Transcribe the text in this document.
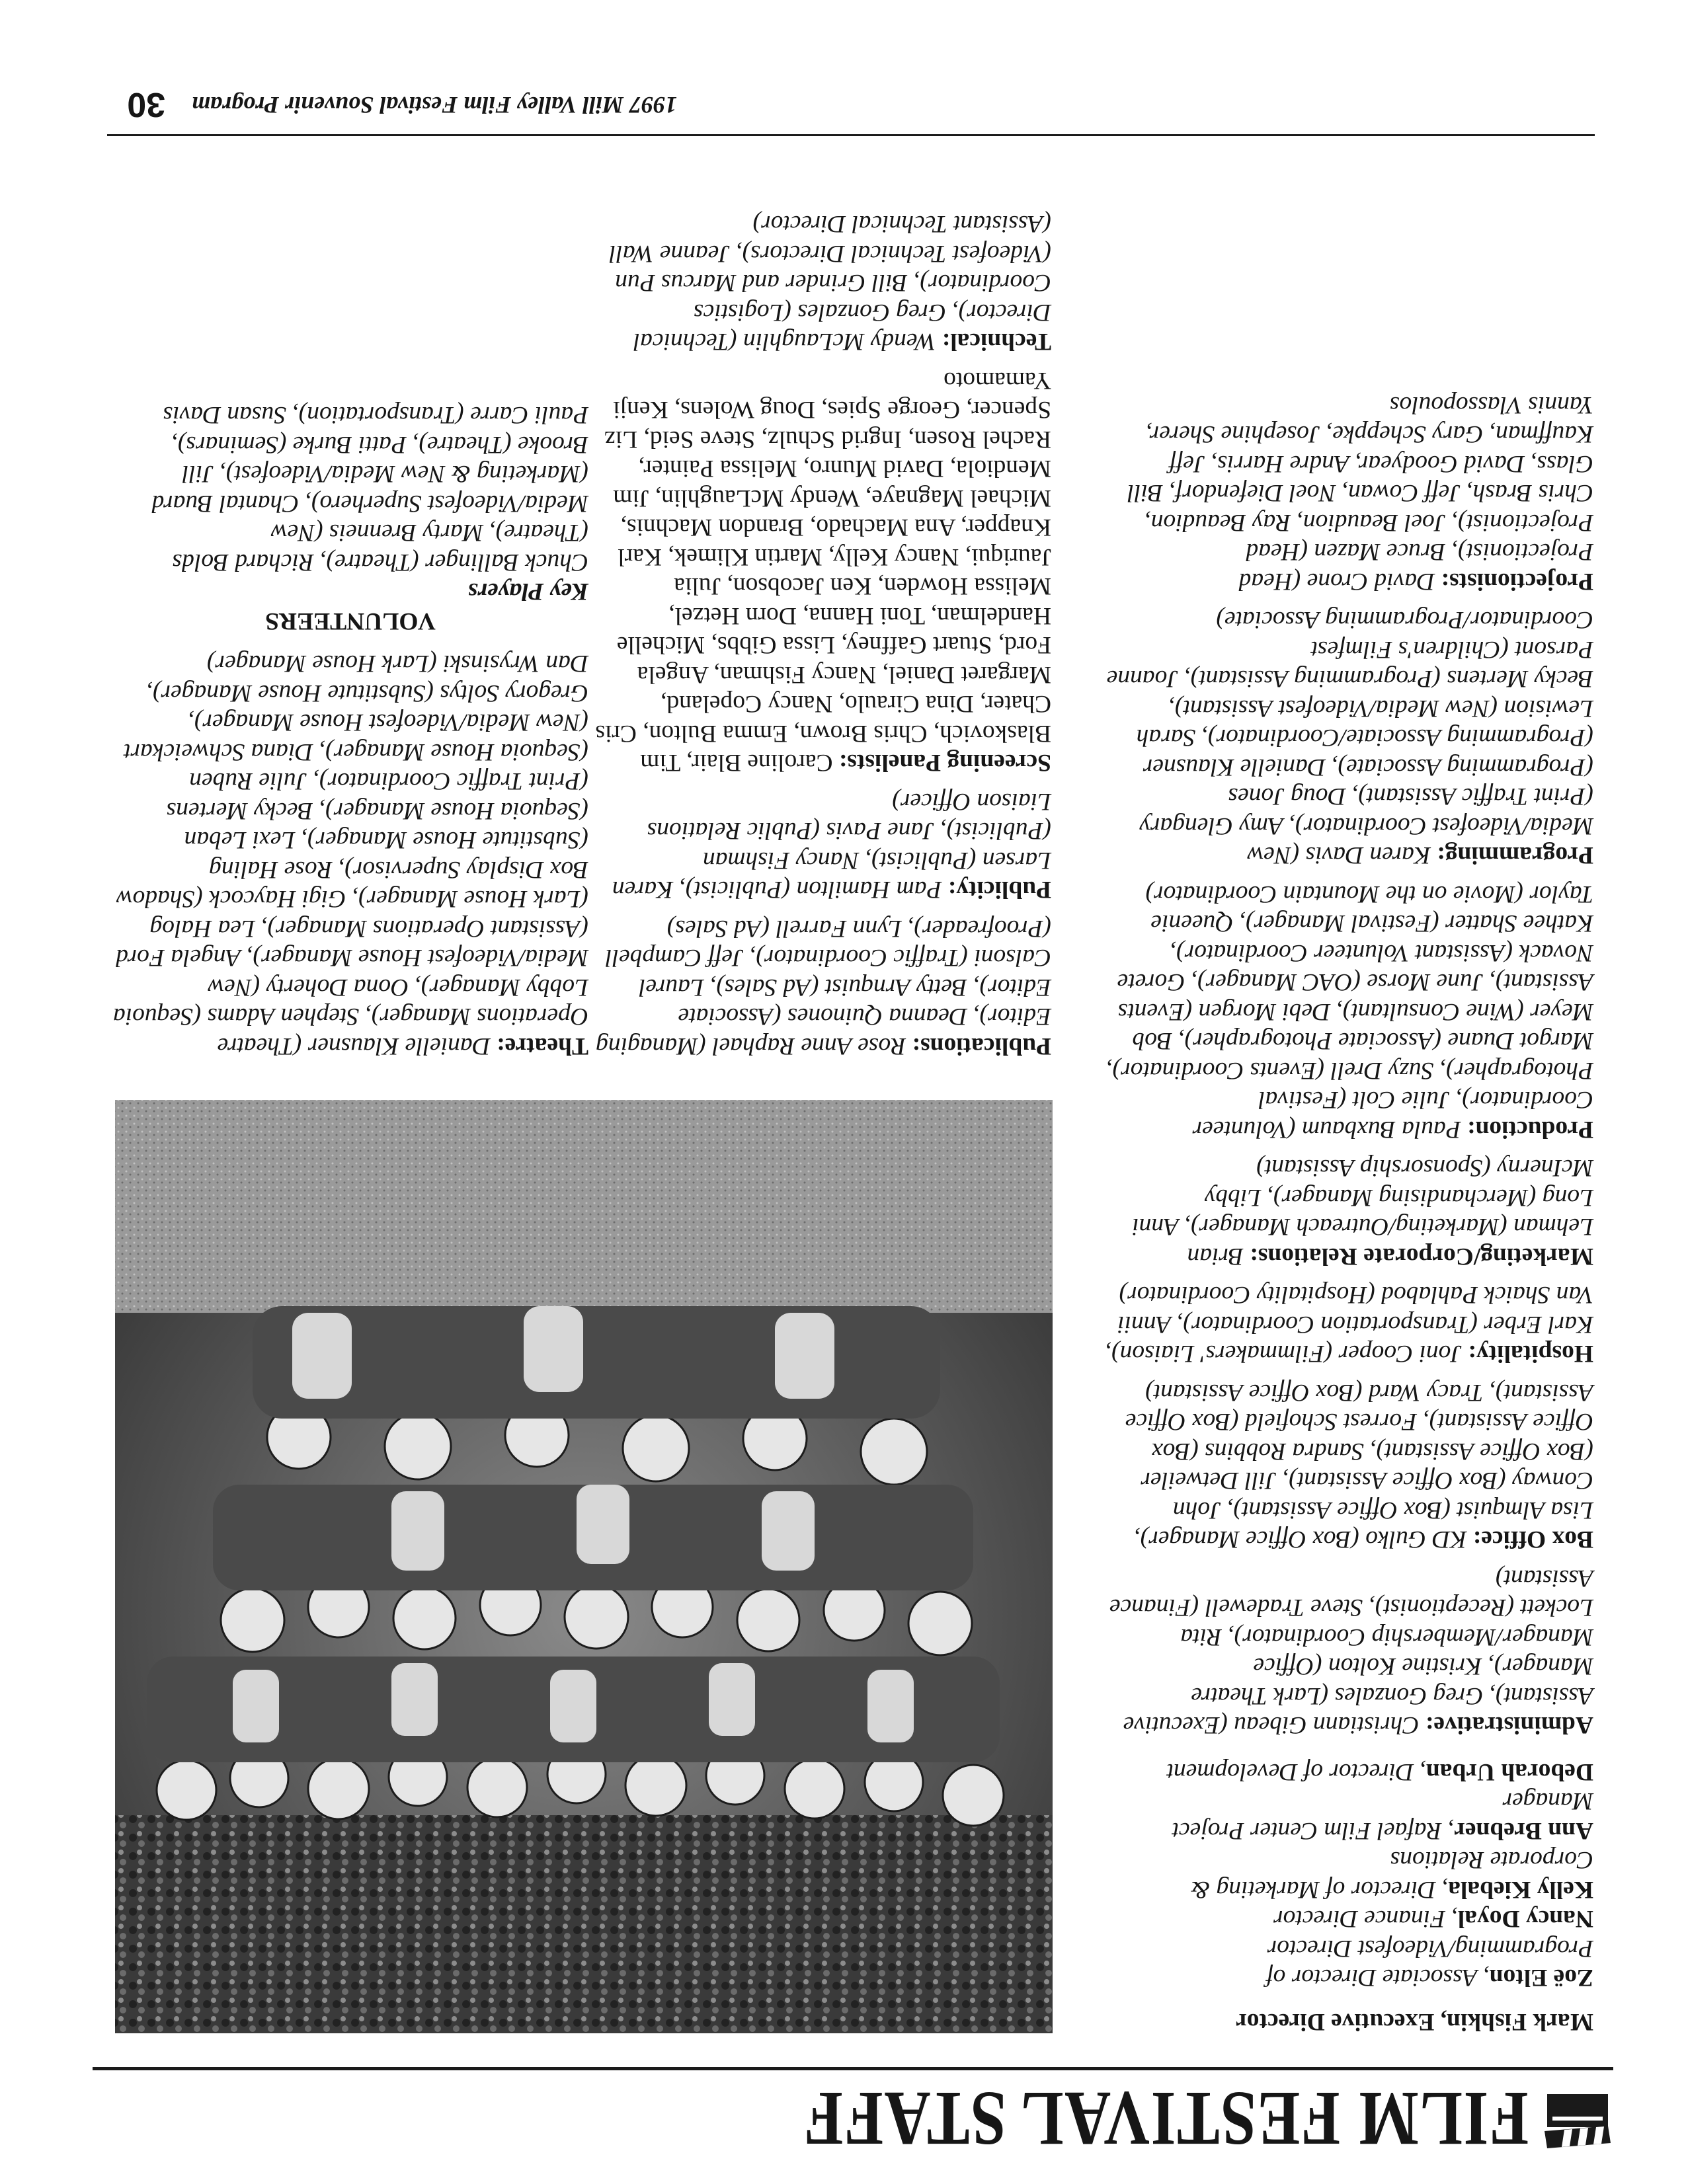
FILM FESTIVAL STAFF

Mark Fishkin, Executive Director

Zoë Elton, Associate Director of Programming/Videofest Director

Nancy Doyal, Finance Director

Kelly Kiebala, Director of Marketing & Corporate Relations

Ann Brebner, Rafael Film Center Project Manager

Deborah Urban, Director of Development

Administrative: Christiann Gibeau (Executive Assistant), Greg Gonzales (Lark Theatre Manager), Kristine Kolton (Office Manager/Membership Coordinator), Rita Lockett (Receptionist), Steve Tradewell (Finance Assistant)

Box Office: KD Gulko (Box Office Manager), Lisa Almquist (Box Office Assistant), John Conway (Box Office Assistant), Jill Detweiler (Box Office Assistant), Sandra Robbins (Box Office Assistant), Forrest Schofield (Box Office Assistant), Tracy Ward (Box Office Assistant)

Hospitality: Joni Cooper (Filmmakers' Liaison), Karl Erber (Transportation Coordinator), Annii Van Shaick Pahlabod (Hospitality Coordinator)

Marketing/Corporate Relations: Brian Lehman (Marketing/Outreach Manager), Anni Long (Merchandising Manager), Libby McInerny (Sponsorship Assistant)

Production: Paula Buxbaum (Volunteer Coordinator), Julie Colt (Festival Photographer), Suzy Drell (Events Coordinator), Margot Duane (Associate Photographer), Bob Meyer (Wine Consultant), Debi Morgen (Events Assistant), June Morse (OAC Manager), Gorete Novack (Assistant Volunteer Coordinator), Kathee Shatter (Festival Manager), Queenie Taylor (Movie on the Mountain Coordinator)

Programming: Karen Davis (New Media/Videofest Coordinator), Amy Glengary (Print Traffic Assistant), Doug Jones (Programming Associate), Danielle Klausner (Programming Associate/Coordinator), Sarah Lewision (New Media/Videofest Assistant), Becky Mertens (Programming Assistant), Joanne Parsont (Children's Filmfest Coordinator/Programming Associate)

Projectionists: David Crone (Head Projectionist), Bruce Mazen (Head Projectionist), Joel Beaudion, Ray Beaudion, Chris Brash, Jeff Cowan, Noel Diefendorf, Bill Glass, David Goodyear, Andre Harris, Jeff Kauffman, Gary Scheppke, Josephine Sherer, Yannis Vlassopoulos

Publications: Rose Anne Raphael (Managing Editor), Deanna Quinones (Associate Editor), Betty Arnquist (Ad Sales), Laurel Calsoni (Traffic Coordinator), Jeff Campbell (Proofreader), Lynn Farrell (Ad Sales)

Publicity: Pam Hamilton (Publicist), Karen Larsen (Publicist), Nancy Fishman (Publicist), Jane Pavis (Public Relations Liaison Officer)

Screening Panelists: Caroline Blair, Tim Blaskovich, Chris Brown, Emma Bulton, Cris Chater, Dina Ciraulo, Nancy Copeland, Margaret Daniel, Nancy Fishman, Angela Ford, Stuart Gaffney, Lissa Gibbs, Michelle Handelman, Toni Hanna, Dorn Hetzel, Melissa Howden, Ken Jacobson, Julia Jauriqui, Nancy Kelly, Martin Klimek, Karl Knapper, Ana Machado, Brandon Machnis, Michael Magnaye, Wendy McLaughlin, Jim Mendiola, David Munro, Melissa Painter, Rachel Rosen, Ingrid Schulz, Steve Seid, Liz Spencer, George Spies, Doug Wolens, Kenji Yamamoto

Technical: Wendy McLaughlin (Technical Director), Greg Gonzales (Logistics Coordinator), Bill Grinder and Marcus Pun (Videofest Technical Directors), Jeanne Wall (Assistant Technical Director)

Theatre: Danielle Klausner (Theatre Operations Manager), Stephen Adams (Sequoia Lobby Manager), Oona Doherty (New Media/Videofest House Manager), Angela Ford (Assistant Operations Manager), Lea Halog (Lark House Manager), Gigi Haycock (Shadow Box Display Supervisor), Rose Haling (Substitute House Manager), Lexi Leban (Sequoia House Manager), Becky Mertens (Print Traffic Coordinator), Julie Ruben (Sequoia House Manager), Diana Schweickart (New Media/Videofest House Manager), Gregory Soltys (Substitute House Manager), Dan Wrysinski (Lark House Manager)

VOLUNTEERS

Key Players

Chuck Ballinger (Theatre), Richard Bolds (Theatre), Marty Brenneis (New Media/Videofest Superhero), Chantal Buard (Marketing & New Media/Videofest), Jill Brooke (Theatre), Patti Burke (Seminars), Pauli Carre (Transportation), Susan Davis

1997 Mill Valley Film Festival Souvenir Program
30
